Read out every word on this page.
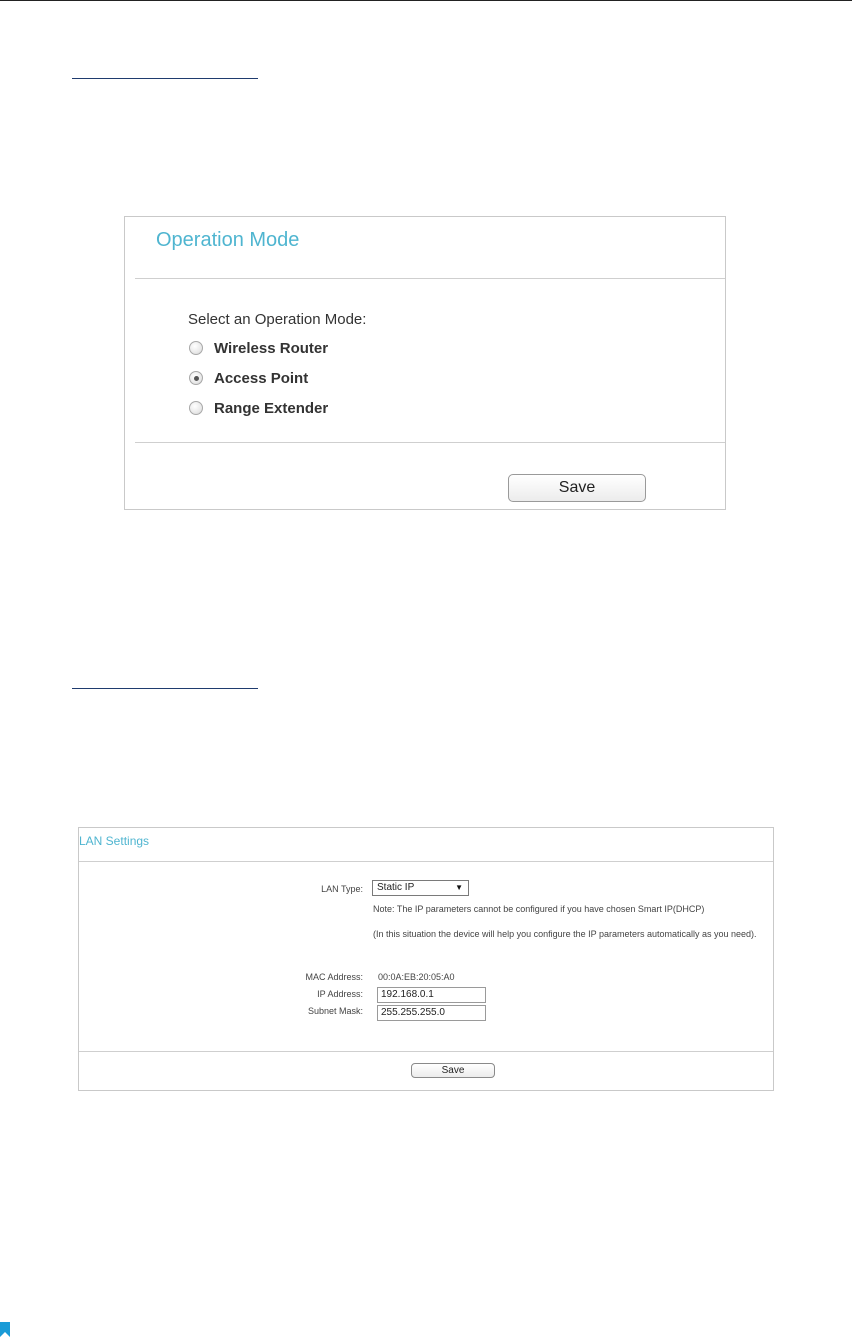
Operation Mode
Select an Operation Mode:
Wireless Router
Access Point
Range Extender
Save
LAN Settings
LAN Type:	Static IP	▼
Note: The IP parameters cannot be configured if you have chosen Smart IP(DHCP)
(In this situation the device will help you configure the IP parameters automatically as you need).
MAC Address: 00:0A:EB:20:05:A0
IP Address:	192.168.0.1
Subnet Mask:	255.255.255.0
Save
